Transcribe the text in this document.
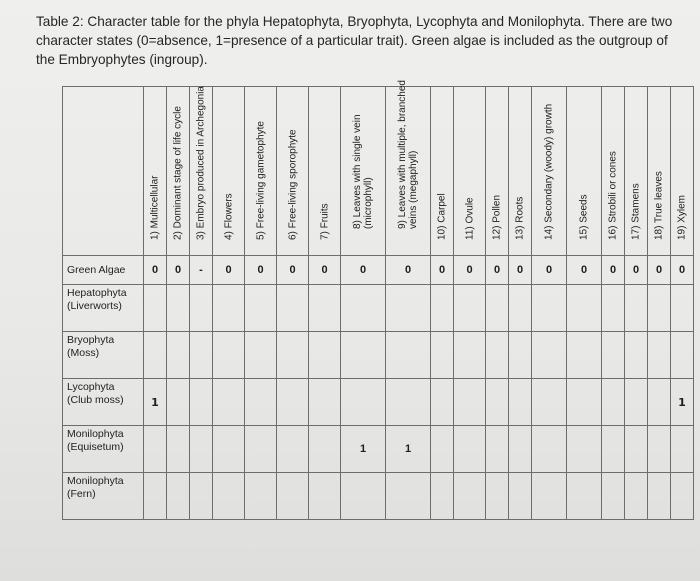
Table 2: Character table for the phyla Hepatophyta, Bryophyta, Lycophyta and Monilophyta. There are two character states (0=absence, 1=presence of a particular trait). Green algae is included as the outgroup of the Embryophytes (ingroup).

	1) Multicellular	2) Dominant stage of life cycle	3) Embryo produced in Archegonia	4) Flowers	5) Free-living gametophyte	6) Free-living sporophyte	7) Fruits	8) Leaves with single vein (microphyll)	9) Leaves with multiple, branched veins (megaphyll)	10) Carpel	11) Ovule	12) Pollen	13) Roots	14) Secondary (woody) growth	15) Seeds	16) Strobili or cones	17) Stamens	18) True leaves	19) Xylem

Green Algae	0	0	-	0	0	0	0	0	0	0	0	0	0	0	0	0	0	0	0
Hepatophyta (Liverworts)																			
Bryophyta (Moss)																			
Lycophyta (Club moss)	1																		1
Monilophyta (Equisetum)								1	1										
Monilophyta (Fern)																			
